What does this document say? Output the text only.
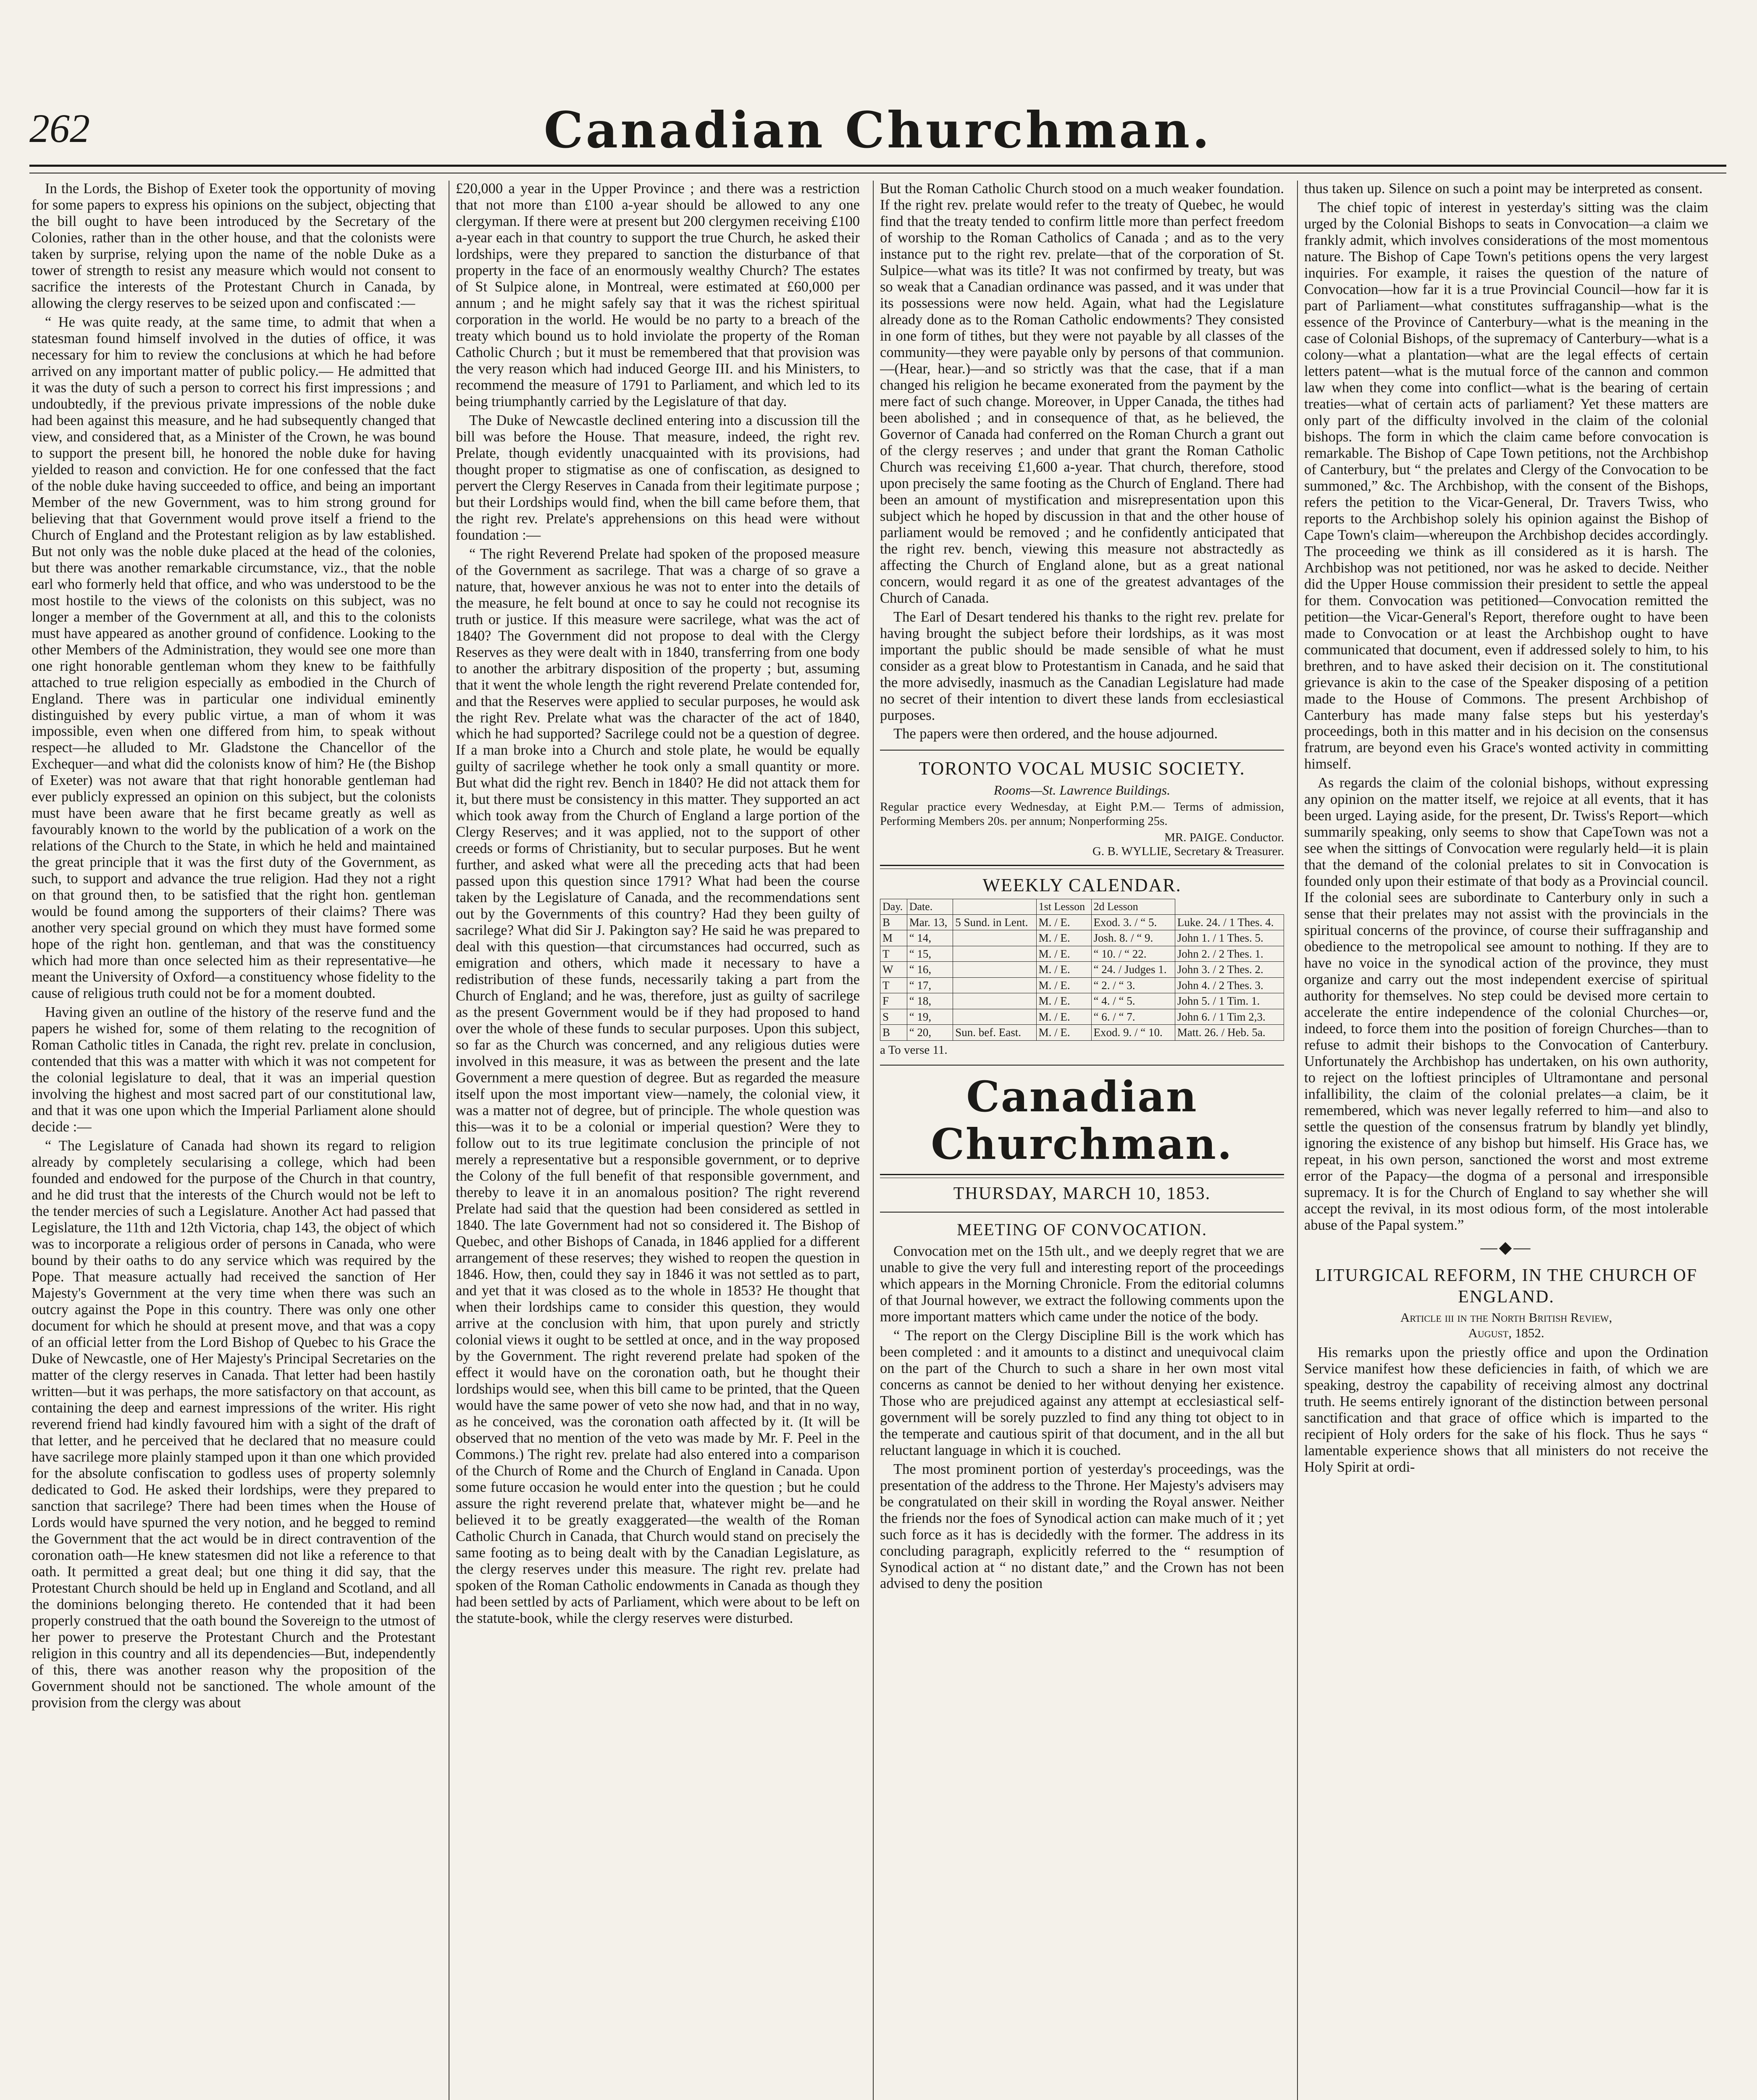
262	Canadian Churchman.

In the Lords, the Bishop of Exeter took the opportunity of moving for some papers to express his opinions on the subject, objecting that the bill ought to have been introduced by the Secretary of the Colonies, rather than in the other house, and that the colonists were taken by surprise, relying upon the name of the noble Duke as a tower of strength to resist any measure which would not consent to sacrifice the interests of the Protestant Church in Canada, by allowing the clergy reserves to be seized upon and confiscated :—

“ He was quite ready, at the same time, to admit that when a statesman found himself involved in the duties of office, it was necessary for him to review the conclusions at which he had before arrived on any important matter of public policy.— He admitted that it was the duty of such a person to correct his first impressions ; and undoubtedly, if the previous private impressions of the noble duke had been against this measure, and he had subsequently changed that view, and considered that, as a Minister of the Crown, he was bound to support the present bill, he honored the noble duke for having yielded to reason and conviction. He for one confessed that the fact of the noble duke having succeeded to office, and being an important Member of the new Government, was to him strong ground for believing that that Government would prove itself a friend to the Church of England and the Protestant religion as by law established. But not only was the noble duke placed at the head of the colonies, but there was another remarkable circumstance, viz., that the noble earl who formerly held that office, and who was understood to be the most hostile to the views of the colonists on this subject, was no longer a member of the Government at all, and this to the colonists must have appeared as another ground of confidence. Looking to the other Members of the Administration, they would see one more than one right honorable gentleman whom they knew to be faithfully attached to true religion especially as embodied in the Church of England. There was in particular one individual eminently distinguished by every public virtue, a man of whom it was impossible, even when one differed from him, to speak without respect—he alluded to Mr. Gladstone the Chancellor of the Exchequer—and what did the colonists know of him? He (the Bishop of Exeter) was not aware that that right honorable gentleman had ever publicly expressed an opinion on this subject, but the colonists must have been aware that he first became greatly as well as favourably known to the world by the publication of a work on the relations of the Church to the State, in which he held and maintained the great principle that it was the first duty of the Government, as such, to support and advance the true religion. Had they not a right on that ground then, to be satisfied that the right hon. gentleman would be found among the supporters of their claims? There was another very special ground on which they must have formed some hope of the right hon. gentleman, and that was the constituency which had more than once selected him as their representative—he meant the University of Oxford—a constituency whose fidelity to the cause of religious truth could not be for a moment doubted.

Having given an outline of the history of the reserve fund and the papers he wished for, some of them relating to the recognition of Roman Catholic titles in Canada, the right rev. prelate in conclusion, contended that this was a matter with which it was not competent for the colonial legislature to deal, that it was an imperial question involving the highest and most sacred part of our constitutional law, and that it was one upon which the Imperial Parliament alone should decide :—

“ The Legislature of Canada had shown its regard to religion already by completely secularising a college, which had been founded and endowed for the purpose of the Church in that country, and he did trust that the interests of the Church would not be left to the tender mercies of such a Legislature. Another Act had passed that Legislature, the 11th and 12th Victoria, chap 143, the object of which was to incorporate a religious order of persons in Canada, who were bound by their oaths to do any service which was required by the Pope. That measure actually had received the sanction of Her Majesty's Government at the very time when there was such an outcry against the Pope in this country. There was only one other document for which he should at present move, and that was a copy of an official letter from the Lord Bishop of Quebec to his Grace the Duke of Newcastle, one of Her Majesty's Principal Secretaries on the matter of the clergy reserves in Canada. That letter had been hastily written—but it was perhaps, the more satisfactory on that account, as containing the deep and earnest impressions of the writer. His right reverend friend had kindly favoured him with a sight of the draft of that letter, and he perceived that he declared that no measure could have sacrilege more plainly stamped upon it than one which provided for the absolute confiscation to godless uses of property solemnly dedicated to God. He asked their lordships, were they prepared to sanction that sacrilege? There had been times when the House of Lords would have spurned the very notion, and he begged to remind the Government that the act would be in direct contravention of the coronation oath—He knew statesmen did not like a reference to that oath. It permitted a great deal; but one thing it did say, that the Protestant Church should be held up in England and Scotland, and all the dominions belonging thereto. He contended that it had been properly construed that the oath bound the Sovereign to the utmost of her power to preserve the Protestant Church and the Protestant religion in this country and all its dependencies—But, independently of this, there was another reason why the proposition of the Government should not be sanctioned. The whole amount of the provision from the clergy was about

£20,000 a year in the Upper Province ; and there was a restriction that not more than £100 a-year should be allowed to any one clergyman. If there were at present but 200 clergymen receiving £100 a-year each in that country to support the true Church, he asked their lordships, were they prepared to sanction the disturbance of that property in the face of an enormously wealthy Church? The estates of St Sulpice alone, in Montreal, were estimated at £60,000 per annum ; and he might safely say that it was the richest spiritual corporation in the world. He would be no party to a breach of the treaty which bound us to hold inviolate the property of the Roman Catholic Church ; but it must be remembered that that provision was the very reason which had induced George III. and his Ministers, to recommend the measure of 1791 to Parliament, and which led to its being triumphantly carried by the Legislature of that day.

The Duke of Newcastle declined entering into a discussion till the bill was before the House. That measure, indeed, the right rev. Prelate, though evidently unacquainted with its provisions, had thought proper to stigmatise as one of confiscation, as designed to pervert the Clergy Reserves in Canada from their legitimate purpose ; but their Lordships would find, when the bill came before them, that the right rev. Prelate's apprehensions on this head were without foundation :—

“ The right Reverend Prelate had spoken of the proposed measure of the Government as sacrilege. That was a charge of so grave a nature, that, however anxious he was not to enter into the details of the measure, he felt bound at once to say he could not recognise its truth or justice. If this measure were sacrilege, what was the act of 1840? The Government did not propose to deal with the Clergy Reserves as they were dealt with in 1840, transferring from one body to another the arbitrary disposition of the property ; but, assuming that it went the whole length the right reverend Prelate contended for, and that the Reserves were applied to secular purposes, he would ask the right Rev. Prelate what was the character of the act of 1840, which he had supported? Sacrilege could not be a question of degree. If a man broke into a Church and stole plate, he would be equally guilty of sacrilege whether he took only a small quantity or more. But what did the right rev. Bench in 1840? He did not attack them for it, but there must be consistency in this matter. They supported an act which took away from the Church of England a large portion of the Clergy Reserves; and it was applied, not to the support of other creeds or forms of Christianity, but to secular purposes. But he went further, and asked what were all the preceding acts that had been passed upon this question since 1791? What had been the course taken by the Legislature of Canada, and the recommendations sent out by the Governments of this country? Had they been guilty of sacrilege? What did Sir J. Pakington say? He said he was prepared to deal with this question—that circumstances had occurred, such as emigration and others, which made it necessary to have a redistribution of these funds, necessarily taking a part from the Church of England; and he was, therefore, just as guilty of sacrilege as the present Government would be if they had proposed to hand over the whole of these funds to secular purposes. Upon this subject, so far as the Church was concerned, and any religious duties were involved in this measure, it was as between the present and the late Government a mere question of degree. But as regarded the measure itself upon the most important view—namely, the colonial view, it was a matter not of degree, but of principle. The whole question was this—was it to be a colonial or imperial question? Were they to follow out to its true legitimate conclusion the principle of not merely a representative but a responsible government, or to deprive the Colony of the full benefit of that responsible government, and thereby to leave it in an anomalous position? The right reverend Prelate had said that the question had been considered as settled in 1840. The late Government had not so considered it. The Bishop of Quebec, and other Bishops of Canada, in 1846 applied for a different arrangement of these reserves; they wished to reopen the question in 1846. How, then, could they say in 1846 it was not settled as to part, and yet that it was closed as to the whole in 1853? He thought that when their lordships came to consider this question, they would arrive at the conclusion with him, that upon purely and strictly colonial views it ought to be settled at once, and in the way proposed by the Government. The right reverend prelate had spoken of the effect it would have on the coronation oath, but he thought their lordships would see, when this bill came to be printed, that the Queen would have the same power of veto she now had, and that in no way, as he conceived, was the coronation oath affected by it. (It will be observed that no mention of the veto was made by Mr. F. Peel in the Commons.) The right rev. prelate had also entered into a comparison of the Church of Rome and the Church of England in Canada. Upon some future occasion he would enter into the question ; but he could assure the right reverend prelate that, whatever might be—and he believed it to be greatly exaggerated—the wealth of the Roman Catholic Church in Canada, that Church would stand on precisely the same footing as to being dealt with by the Canadian Legislature, as the clergy reserves under this measure. The right rev. prelate had spoken of the Roman Catholic endowments in Canada as though they had been settled by acts of Parliament, which were about to be left on the statute-book, while the clergy reserves were disturbed.

But the Roman Catholic Church stood on a much weaker foundation. If the right rev. prelate would refer to the treaty of Quebec, he would find that the treaty tended to confirm little more than perfect freedom of worship to the Roman Catholics of Canada ; and as to the very instance put to the right rev. prelate—that of the corporation of St. Sulpice—what was its title? It was not confirmed by treaty, but was so weak that a Canadian ordinance was passed, and it was under that its possessions were now held. Again, what had the Legislature already done as to the Roman Catholic endowments? They consisted in one form of tithes, but they were not payable by all classes of the community—they were payable only by persons of that communion.—(Hear, hear.)—and so strictly was that the case, that if a man changed his religion he became exonerated from the payment by the mere fact of such change. Moreover, in Upper Canada, the tithes had been abolished ; and in consequence of that, as he believed, the Governor of Canada had conferred on the Roman Church a grant out of the clergy reserves ; and under that grant the Roman Catholic Church was receiving £1,600 a-year. That church, therefore, stood upon precisely the same footing as the Church of England. There had been an amount of mystification and misrepresentation upon this subject which he hoped by discussion in that and the other house of parliament would be removed ; and he confidently anticipated that the right rev. bench, viewing this measure not abstractedly as affecting the Church of England alone, but as a great national concern, would regard it as one of the greatest advantages of the Church of Canada.

The Earl of Desart tendered his thanks to the right rev. prelate for having brought the subject before their lordships, as it was most important the public should be made sensible of what he must consider as a great blow to Protestantism in Canada, and he said that the more advisedly, inasmuch as the Canadian Legislature had made no secret of their intention to divert these lands from ecclesiastical purposes.

The papers were then ordered, and the house adjourned.

TORONTO VOCAL MUSIC SOCIETY.
Rooms—St. Lawrence Buildings.

Regular practice every Wednesday, at Eight P.M.— Terms of admission, Performing Members 20s. per annum; Nonperforming 25s.

MR. PAIGE. Conductor.
G. B. WYLLIE, Secretary & Treasurer.
WEEKLY CALENDAR.
Day.	Date.		1st Lesson	2d Lesson	
B	Mar. 13,	5 Sund. in Lent.	M. / E.	Exod. 3. / “ 5.	Luke. 24. / 1 Thes. 4.
M	“ 14,		M. / E.	Josh. 8. / “ 9.	John 1. / 1 Thes. 5.
T	“ 15,		M. / E.	“ 10. / “ 22.	John 2. / 2 Thes. 1.
W	“ 16,		M. / E.	“ 24. / Judges 1.	John 3. / 2 Thes. 2.
T	“ 17,		M. / E.	“ 2. / “ 3.	John 4. / 2 Thes. 3.
F	“ 18,		M. / E.	“ 4. / “ 5.	John 5. / 1 Tim. 1.
S	“ 19,		M. / E.	“ 6. / “ 7.	John 6. / 1 Tim 2,3.
B	“ 20,	Sun. bef. East.	M. / E.	Exod. 9. / “ 10.	Matt. 26. / Heb. 5a.
a To verse 11.
Canadian Churchman.
THURSDAY, MARCH 10, 1853.
MEETING OF CONVOCATION.

Convocation met on the 15th ult., and we deeply regret that we are unable to give the very full and interesting report of the proceedings which appears in the Morning Chronicle. From the editorial columns of that Journal however, we extract the following comments upon the more important matters which came under the notice of the body.

“ The report on the Clergy Discipline Bill is the work which has been completed : and it amounts to a distinct and unequivocal claim on the part of the Church to such a share in her own most vital concerns as cannot be denied to her without denying her existence. Those who are prejudiced against any attempt at ecclesiastical self-government will be sorely puzzled to find any thing tot object to in the temperate and cautious spirit of that document, and in the all but reluctant language in which it is couched.

The most prominent portion of yesterday's proceedings, was the presentation of the address to the Throne. Her Majesty's advisers may be congratulated on their skill in wording the Royal answer. Neither the friends nor the foes of Synodical action can make much of it ; yet such force as it has is decidedly with the former. The address in its concluding paragraph, explicitly referred to the “ resumption of Synodical action at “ no distant date,” and the Crown has not been advised to deny the position

thus taken up. Silence on such a point may be interpreted as consent.

The chief topic of interest in yesterday's sitting was the claim urged by the Colonial Bishops to seats in Convocation—a claim we frankly admit, which involves considerations of the most momentous nature. The Bishop of Cape Town's petitions opens the very largest inquiries. For example, it raises the question of the nature of Convocation—how far it is a true Provincial Council—how far it is part of Parliament—what constitutes suffraganship—what is the essence of the Province of Canterbury—what is the meaning in the case of Colonial Bishops, of the supremacy of Canterbury—what is a colony—what a plantation—what are the legal effects of certain letters patent—what is the mutual force of the cannon and common law when they come into conflict—what is the bearing of certain treaties—what of certain acts of parliament? Yet these matters are only part of the difficulty involved in the claim of the colonial bishops. The form in which the claim came before convocation is remarkable. The Bishop of Cape Town petitions, not the Archbishop of Canterbury, but “ the prelates and Clergy of the Convocation to be summoned,” &c. The Archbishop, with the consent of the Bishops, refers the petition to the Vicar-General, Dr. Travers Twiss, who reports to the Archbishop solely his opinion against the Bishop of Cape Town's claim—whereupon the Archbishop decides accordingly. The proceeding we think as ill considered as it is harsh. The Archbishop was not petitioned, nor was he asked to decide. Neither did the Upper House commission their president to settle the appeal for them. Convocation was petitioned—Convocation remitted the petition—the Vicar-General's Report, therefore ought to have been made to Convocation or at least the Archbishop ought to have communicated that document, even if addressed solely to him, to his brethren, and to have asked their decision on it. The constitutional grievance is akin to the case of the Speaker disposing of a petition made to the House of Commons. The present Archbishop of Canterbury has made many false steps but his yesterday's proceedings, both in this matter and in his decision on the consensus fratrum, are beyond even his Grace's wonted activity in committing himself.

As regards the claim of the colonial bishops, without expressing any opinion on the matter itself, we rejoice at all events, that it has been urged. Laying aside, for the present, Dr. Twiss's Report—which summarily speaking, only seems to show that CapeTown was not a see when the sittings of Convocation were regularly held—it is plain that the demand of the colonial prelates to sit in Convocation is founded only upon their estimate of that body as a Provincial council. If the colonial sees are subordinate to Canterbury only in such a sense that their prelates may not assist with the provincials in the spiritual concerns of the province, of course their suffraganship and obedience to the metropolical see amount to nothing. If they are to have no voice in the synodical action of the province, they must organize and carry out the most independent exercise of spiritual authority for themselves. No step could be devised more certain to accelerate the entire independence of the colonial Churches—or, indeed, to force them into the position of foreign Churches—than to refuse to admit their bishops to the Convocation of Canterbury. Unfortunately the Archbishop has undertaken, on his own authority, to reject on the loftiest principles of Ultramontane and personal infallibility, the claim of the colonial prelates—a claim, be it remembered, which was never legally referred to him—and also to settle the question of the consensus fratrum by blandly yet blindly, ignoring the existence of any bishop but himself. His Grace has, we repeat, in his own person, sanctioned the worst and most extreme error of the Papacy—the dogma of a personal and irresponsible supremacy. It is for the Church of England to say whether she will accept the revival, in its most odious form, of the most intolerable abuse of the Papal system.”

—◆—
LITURGICAL REFORM, IN THE CHURCH OF ENGLAND.
Article iii in the North British Review,
August, 1852.

His remarks upon the priestly office and upon the Ordination Service manifest how these deficiencies in faith, of which we are speaking, destroy the capability of receiving almost any doctrinal truth. He seems entirely ignorant of the distinction between personal sanctification and that grace of office which is imparted to the recipient of Holy orders for the sake of his flock. Thus he says “ lamentable experience shows that all ministers do not receive the Holy Spirit at ordi-
